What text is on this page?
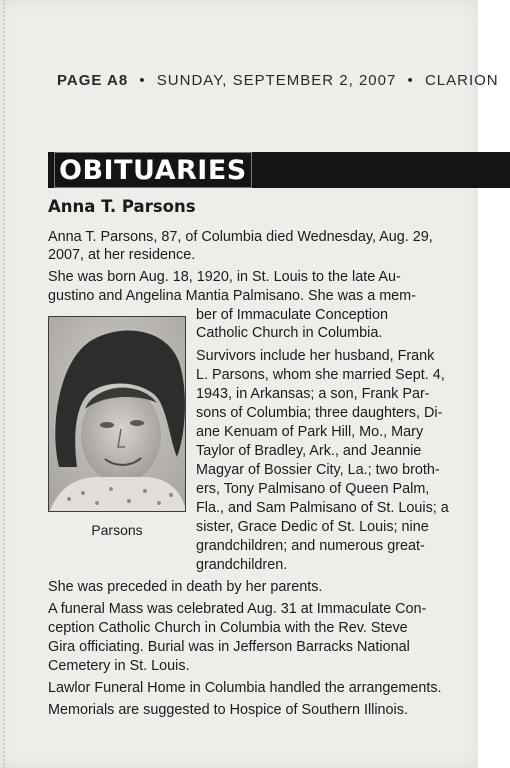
PAGE A8 • SUNDAY, SEPTEMBER 2, 2007 • CLARION
OBITUARIES
Anna T. Parsons
Anna T. Parsons, 87, of Columbia died Wednesday, Aug. 29,
2007, at her residence.
She was born Aug. 18, 1920, in St. Louis to the late Au-
gustino and Angelina Mantia Palmisano. She was a mem-
ber of Immaculate Conception
Catholic Church in Columbia.
Parsons
Survivors include her husband, Frank
L. Parsons, whom she married Sept. 4,
1943, in Arkansas; a son, Frank Par-
sons of Columbia; three daughters, Di-
ane Kenuam of Park Hill, Mo., Mary
Taylor of Bradley, Ark., and Jeannie
Magyar of Bossier City, La.; two broth-
ers, Tony Palmisano of Queen Palm,
Fla., and Sam Palmisano of St. Louis; a
sister, Grace Dedic of St. Louis; nine
grandchildren; and numerous great-
grandchildren.
She was preceded in death by her parents.
A funeral Mass was celebrated Aug. 31 at Immaculate Con-
ception Catholic Church in Columbia with the Rev. Steve
Gira officiating. Burial was in Jefferson Barracks National
Cemetery in St. Louis.
Lawlor Funeral Home in Columbia handled the arrangements.
Memorials are suggested to Hospice of Southern Illinois.
